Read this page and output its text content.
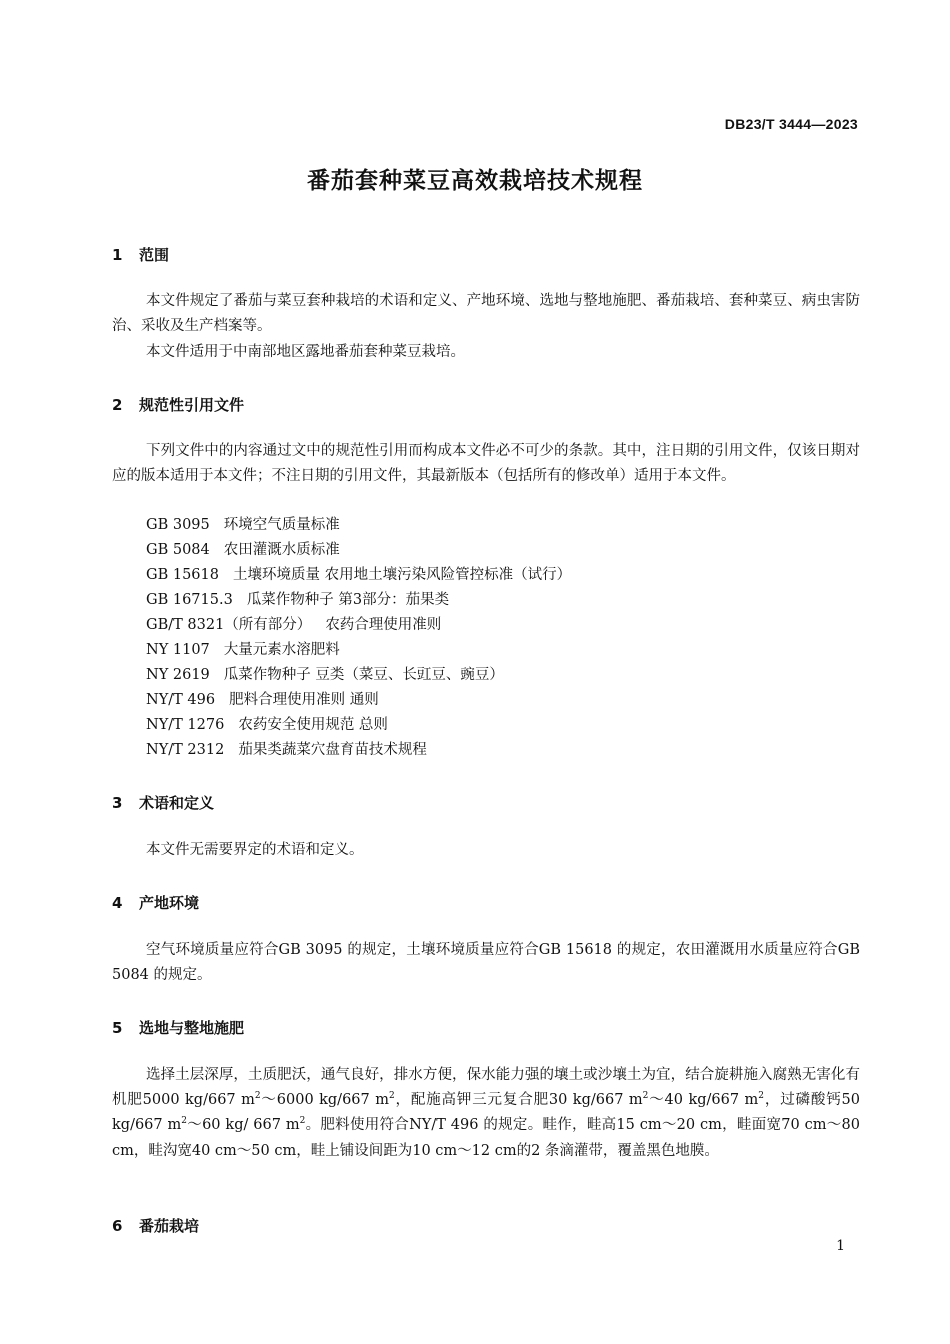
DB23/T 3444—2023
番茄套种菜豆高效栽培技术规程
1 范围

本文件规定了番茄与菜豆套种栽培的术语和定义、产地环境、选地与整地施肥、番茄栽培、套种菜豆、病虫害防治、采收及生产档案等。

本文件适用于中南部地区露地番茄套种菜豆栽培。

2 规范性引用文件

下列文件中的内容通过文中的规范性引用而构成本文件必不可少的条款。其中，注日期的引用文件，仅该日期对应的版本适用于本文件；不注日期的引用文件，其最新版本（包括所有的修改单）适用于本文件。

GB 3095 环境空气质量标准
GB 5084 农田灌溉水质标准
GB 15618 土壤环境质量 农用地土壤污染风险管控标准（试行）
GB 16715.3 瓜菜作物种子 第3部分：茄果类
GB/T 8321（所有部分） 农药合理使用准则
NY 1107 大量元素水溶肥料
NY 2619 瓜菜作物种子 豆类（菜豆、长豇豆、豌豆）
NY/T 496 肥料合理使用准则 通则
NY/T 1276 农药安全使用规范 总则
NY/T 2312 茄果类蔬菜穴盘育苗技术规程
3 术语和定义

本文件无需要界定的术语和定义。

4 产地环境

空气环境质量应符合GB 3095 的规定，土壤环境质量应符合GB 15618 的规定，农田灌溉用水质量应符合GB 5084 的规定。

5 选地与整地施肥

选择土层深厚，土质肥沃，通气良好，排水方便，保水能力强的壤土或沙壤土为宜，结合旋耕施入腐熟无害化有机肥5000 kg/667 $m^2\sim 6000$ kg/667 $m^2$，配施高钾三元复合肥30 kg/667 $m^2\sim 40$ kg/667 $m^2$，过磷酸钙50 kg/667 $m^2\sim 60$ kg/ 667 $m^2$。肥料使用符合NY/T 496 的规定。畦作，畦高15 cm～20 cm，畦面宽70 cm～80 cm，畦沟宽40 cm～50 cm，畦上铺设间距为10 cm～12 cm的2 条滴灌带，覆盖黑色地膜。

6 番茄栽培
1
